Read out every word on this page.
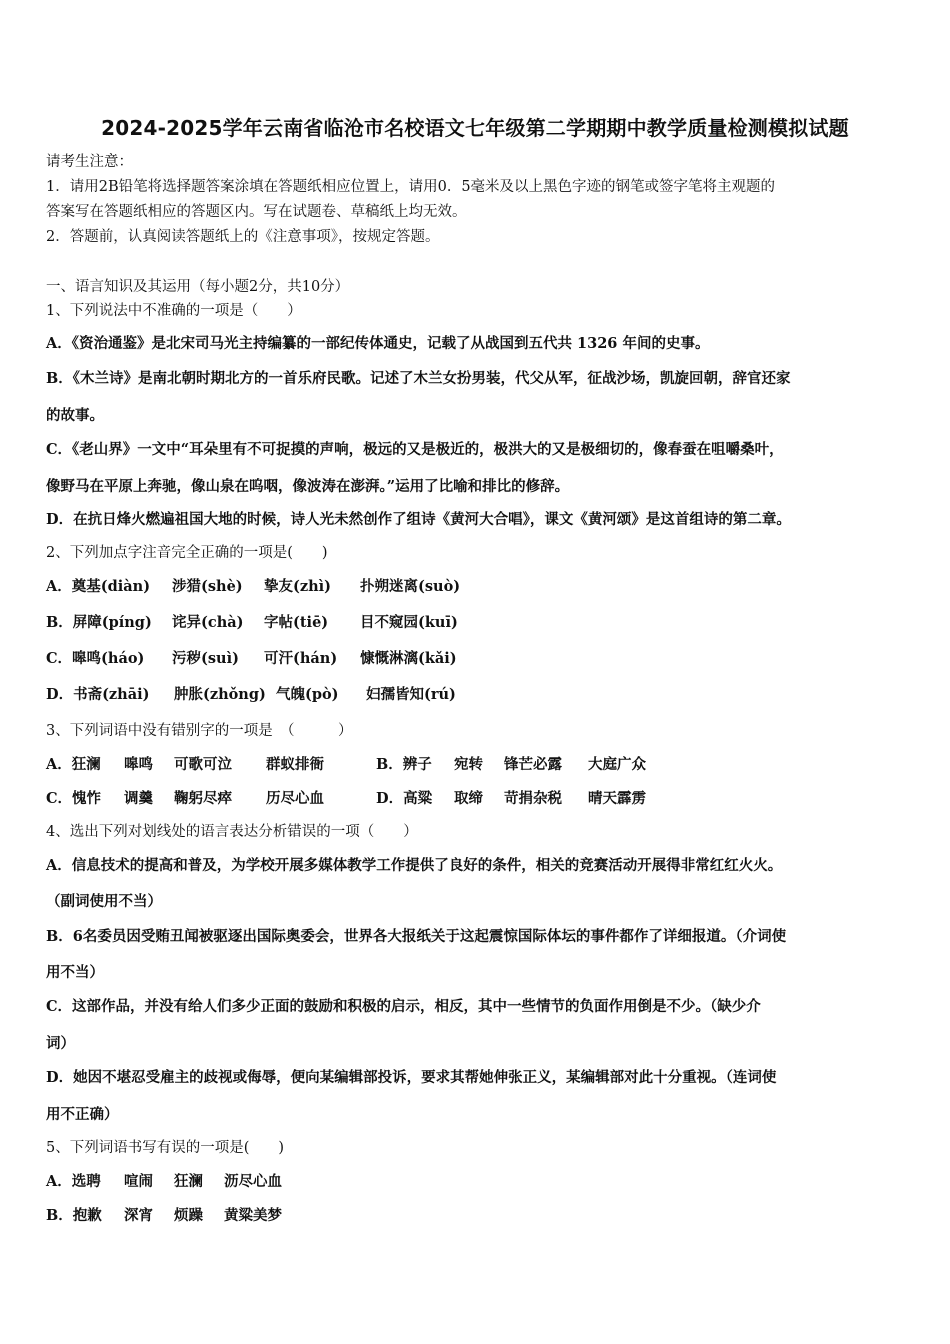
2024-2025学年云南省临沧市名校语文七年级第二学期期中教学质量检测模拟试题
请考生注意：
1．请用2B铅笔将选择题答案涂填在答题纸相应位置上，请用0．5毫米及以上黑色字迹的钢笔或签字笔将主观题的
答案写在答题纸相应的答题区内。写在试题卷、草稿纸上均无效。
2．答题前，认真阅读答题纸上的《注意事项》，按规定答题。
一、语言知识及其运用（每小题2分，共10分）
1、下列说法中不准确的一项是（　　）
A．《资治通鉴》是北宋司马光主持编纂的一部纪传体通史，记载了从战国到五代共 1326 年间的史事。
B．《木兰诗》是南北朝时期北方的一首乐府民歌。记述了木兰女扮男装，代父从军，征战沙场，凯旋回朝，辞官还家
的故事。
C．《老山界》一文中“耳朵里有不可捉摸的声响，极远的又是极近的，极洪大的又是极细切的，像春蚕在咀嚼桑叶，
像野马在平原上奔驰，像山泉在呜咽，像波涛在澎湃。”运用了比喻和排比的修辞。
D．在抗日烽火燃遍祖国大地的时候，诗人光未然创作了组诗《黄河大合唱》，课文《黄河颂》是这首组诗的第二章。
2、下列加点字注音完全正确的一项是(　　)
A．奠基(diàn) 涉猎(shè) 挚友(zhì) 扑朔迷离(suò)
B．屏障(píng) 诧异(chà) 字帖(tiē) 目不窥园(kuī)
C．嗥鸣(háo) 污秽(suì) 可汗(hán) 慷慨淋漓(kǎi)
D．书斋(zhāi) 肿胀(zhǒng) 气魄(pò) 妇孺皆知(rú)
3、下列词语中没有错别字的一项是　（　　　）
A．狂澜 嗥鸣 可歌可泣 群蚁排衙	B．辨子 宛转 锋芒必露 大庭广众
C．愧怍 调羹 鞠躬尽瘁 历尽心血	D．高粱 取缔 苛捐杂税 晴天霹雳
4、选出下列对划线处的语言表达分析错误的一项（　　）
A．信息技术的提高和普及，为学校开展多媒体教学工作提供了良好的条件，相关的竞赛活动开展得非常红红火火。
（副词使用不当）
B．6名委员因受贿丑闻被驱逐出国际奥委会，世界各大报纸关于这起震惊国际体坛的事件都作了详细报道。（介词使
用不当）
C．这部作品，并没有给人们多少正面的鼓励和积极的启示，相反，其中一些情节的负面作用倒是不少。（缺少介
词）
D．她因不堪忍受雇主的歧视或侮辱，便向某编辑部投诉，要求其帮她伸张正义，某编辑部对此十分重视。（连词使
用不正确）
5、下列词语书写有误的一项是(　　)
A．选聘 喧闹 狂澜 沥尽心血
B．抱歉 深宵 烦躁 黄粱美梦
